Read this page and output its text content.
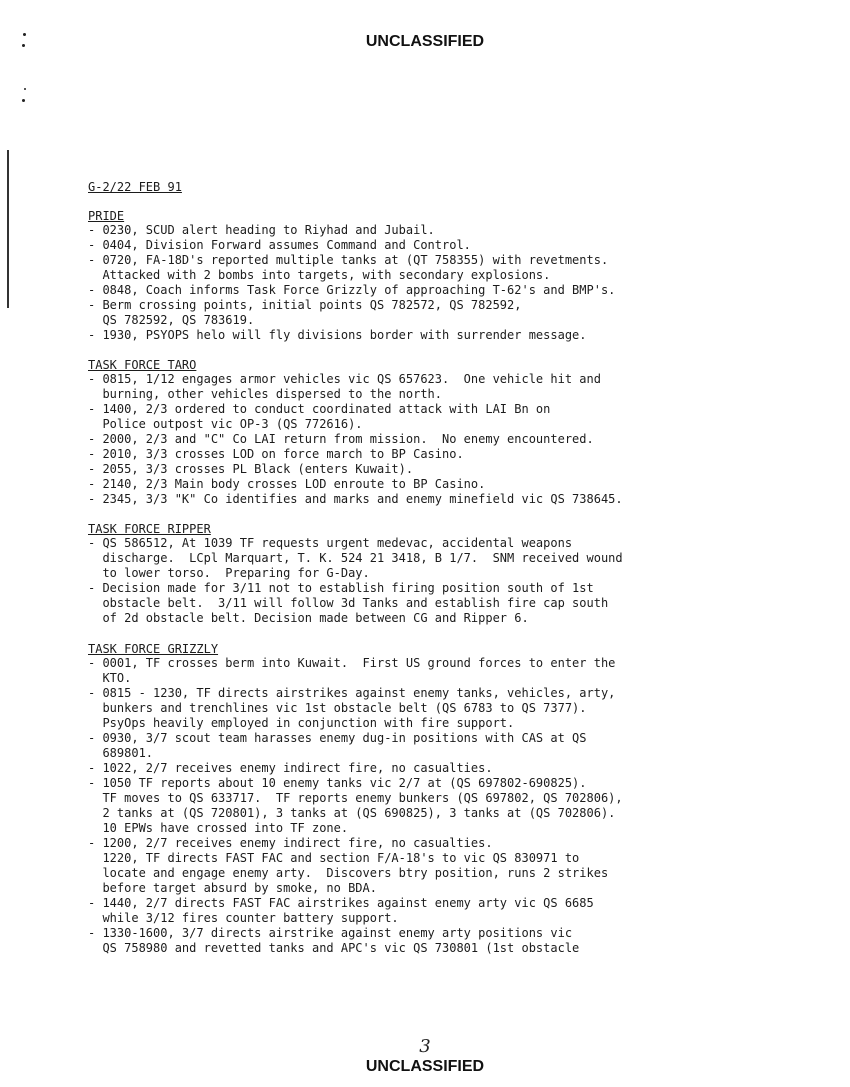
UNCLASSIFIED
G-2/22 FEB 91
PRIDE
- 0230, SCUD alert heading to Riyhad and Jubail.
- 0404, Division Forward assumes Command and Control.
- 0720, FA-18D's reported multiple tanks at (QT 758355) with revetments.
Attacked with 2 bombs into targets, with secondary explosions.
- 0848, Coach informs Task Force Grizzly of approaching T-62's and BMP's.
- Berm crossing points, initial points QS 782572, QS 782592,
QS 782592, QS 783619.
- 1930, PSYOPS helo will fly divisions border with surrender message.
TASK FORCE TARO
- 0815, 1/12 engages armor vehicles vic QS 657623.  One vehicle hit and
burning, other vehicles dispersed to the north.
- 1400, 2/3 ordered to conduct coordinated attack with LAI Bn on
Police outpost vic OP-3 (QS 772616).
- 2000, 2/3 and "C" Co LAI return from mission.  No enemy encountered.
- 2010, 3/3 crosses LOD on force march to BP Casino.
- 2055, 3/3 crosses PL Black (enters Kuwait).
- 2140, 2/3 Main body crosses LOD enroute to BP Casino.
- 2345, 3/3 "K" Co identifies and marks and enemy minefield vic QS 738645.
TASK FORCE RIPPER
- QS 586512, At 1039 TF requests urgent medevac, accidental weapons
discharge.  LCpl Marquart, T. K. 524 21 3418, B 1/7.  SNM received wound
to lower torso.  Preparing for G-Day.
- Decision made for 3/11 not to establish firing position south of 1st
obstacle belt.  3/11 will follow 3d Tanks and establish fire cap south
of 2d obstacle belt. Decision made between CG and Ripper 6.
TASK FORCE GRIZZLY
- 0001, TF crosses berm into Kuwait.  First US ground forces to enter the
KTO.
- 0815 - 1230, TF directs airstrikes against enemy tanks, vehicles, arty,
bunkers and trenchlines vic 1st obstacle belt (QS 6783 to QS 7377).
PsyOps heavily employed in conjunction with fire support.
- 0930, 3/7 scout team harasses enemy dug-in positions with CAS at QS
689801.
- 1022, 2/7 receives enemy indirect fire, no casualties.
- 1050 TF reports about 10 enemy tanks vic 2/7 at (QS 697802-690825).
TF moves to QS 633717.  TF reports enemy bunkers (QS 697802, QS 702806),
2 tanks at (QS 720801), 3 tanks at (QS 690825), 3 tanks at (QS 702806).
10 EPWs have crossed into TF zone.
- 1200, 2/7 receives enemy indirect fire, no casualties.
1220, TF directs FAST FAC and section F/A-18's to vic QS 830971 to
locate and engage enemy arty.  Discovers btry position, runs 2 strikes
before target absurd by smoke, no BDA.
- 1440, 2/7 directs FAST FAC airstrikes against enemy arty vic QS 6685
while 3/12 fires counter battery support.
- 1330-1600, 3/7 directs airstrike against enemy arty positions vic
QS 758980 and revetted tanks and APC's vic QS 730801 (1st obstacle
3
UNCLASSIFIED
